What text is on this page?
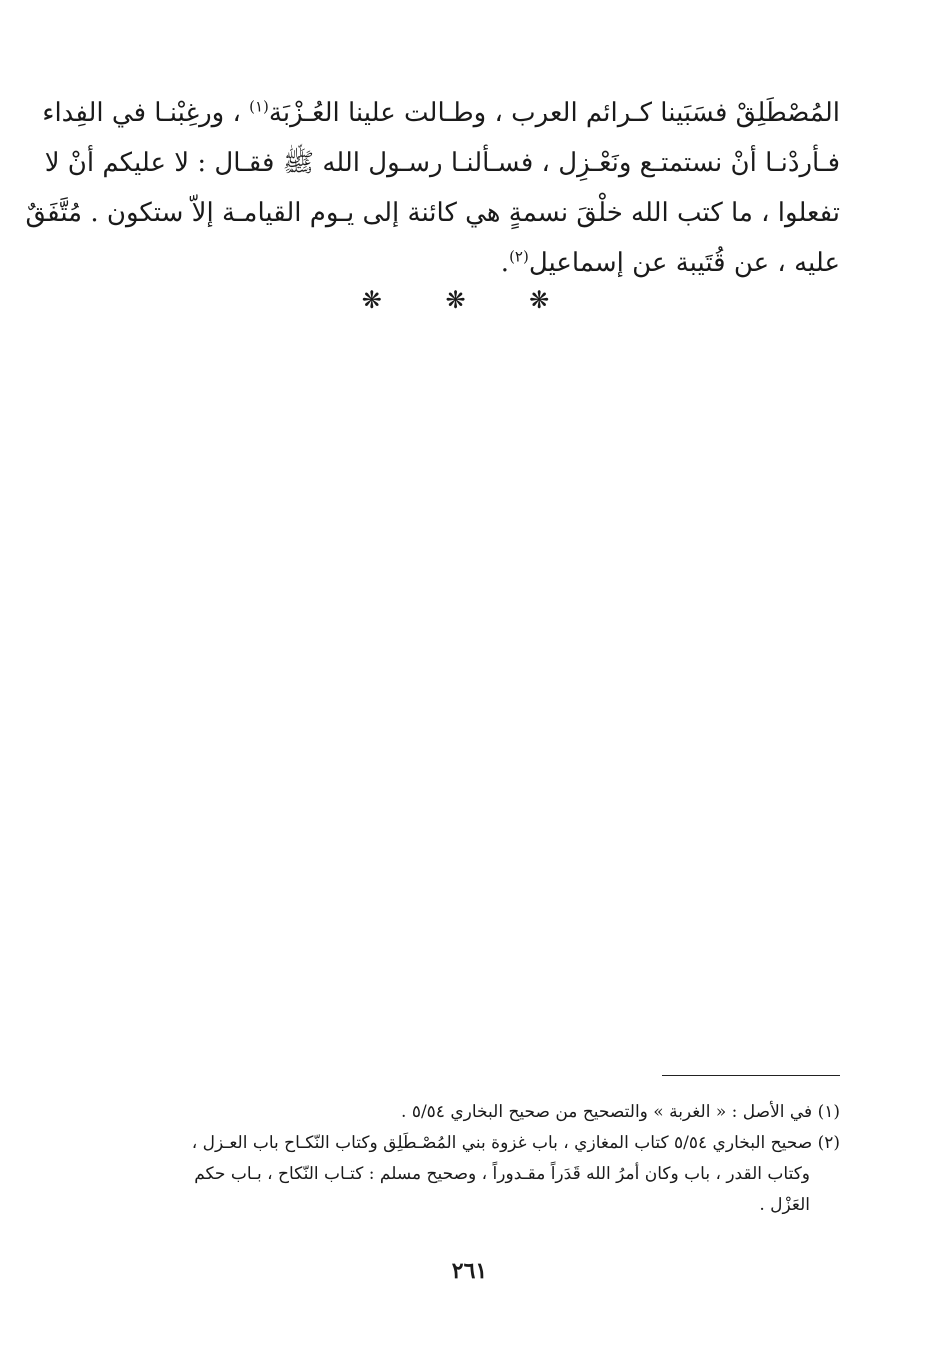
المُصْطَلِقْ فسَبَينا كـرائم العرب ، وطـالت علينا العُـزْبَة$^{(١)}$ ، ورغِبْنـا في الفِداء
فـأردْنـا أنْ نستمتـع ونَعْـزِل ، فسـألنـا رسـول الله ﷺ فقـال : لا عليكم أنْ لا
تفعلوا ، ما كتب الله خلْقَ نسمةٍ هي كائنة إلى يـوم القيامـة إلاّ ستكون . مُتَّفَقٌ
عليه ، عن قُتَيبة عن إسماعيل$^{(٢)}$.
❋ ❋ ❋
(١) في الأصل : « الغربة » والتصحيح من صحيح البخاري ٥/٥٤ .
(٢) صحيح البخاري ٥/٥٤ كتاب المغازي ، باب غزوة بني المُصْـطَلِق وكتاب النّكـاح باب العـزل ،
وكتاب القدر ، باب وكان أمرُ الله قَدَراً مقـدوراً ، وصحيح مسلم : كتـاب النّكاح ، بـاب حكم
العَزْل .
٢٦١
